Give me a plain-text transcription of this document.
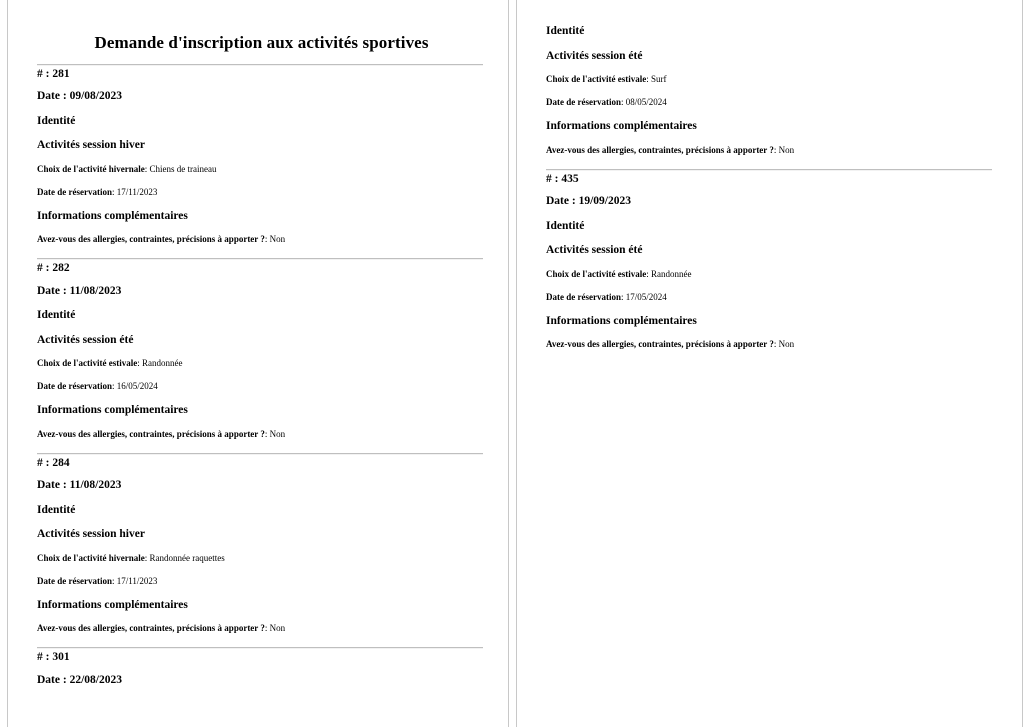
Demande d'inscription aux activités sportives
# : 281
Date : 09/08/2023
Identité
Activités session hiver
Choix de l'activité hivernale: Chiens de traineau
Date de réservation: 17/11/2023
Informations complémentaires
Avez-vous des allergies, contraintes, précisions à apporter ?: Non
# : 282
Date : 11/08/2023
Identité
Activités session été
Choix de l'activité estivale: Randonnée
Date de réservation: 16/05/2024
Informations complémentaires
Avez-vous des allergies, contraintes, précisions à apporter ?: Non
# : 284
Date : 11/08/2023
Identité
Activités session hiver
Choix de l'activité hivernale: Randonnée raquettes
Date de réservation: 17/11/2023
Informations complémentaires
Avez-vous des allergies, contraintes, précisions à apporter ?: Non
# : 301
Date : 22/08/2023
Identité
Activités session été
Choix de l'activité estivale: Surf
Date de réservation: 08/05/2024
Informations complémentaires
Avez-vous des allergies, contraintes, précisions à apporter ?: Non
# : 435
Date : 19/09/2023
Identité
Activités session été
Choix de l'activité estivale: Randonnée
Date de réservation: 17/05/2024
Informations complémentaires
Avez-vous des allergies, contraintes, précisions à apporter ?: Non
